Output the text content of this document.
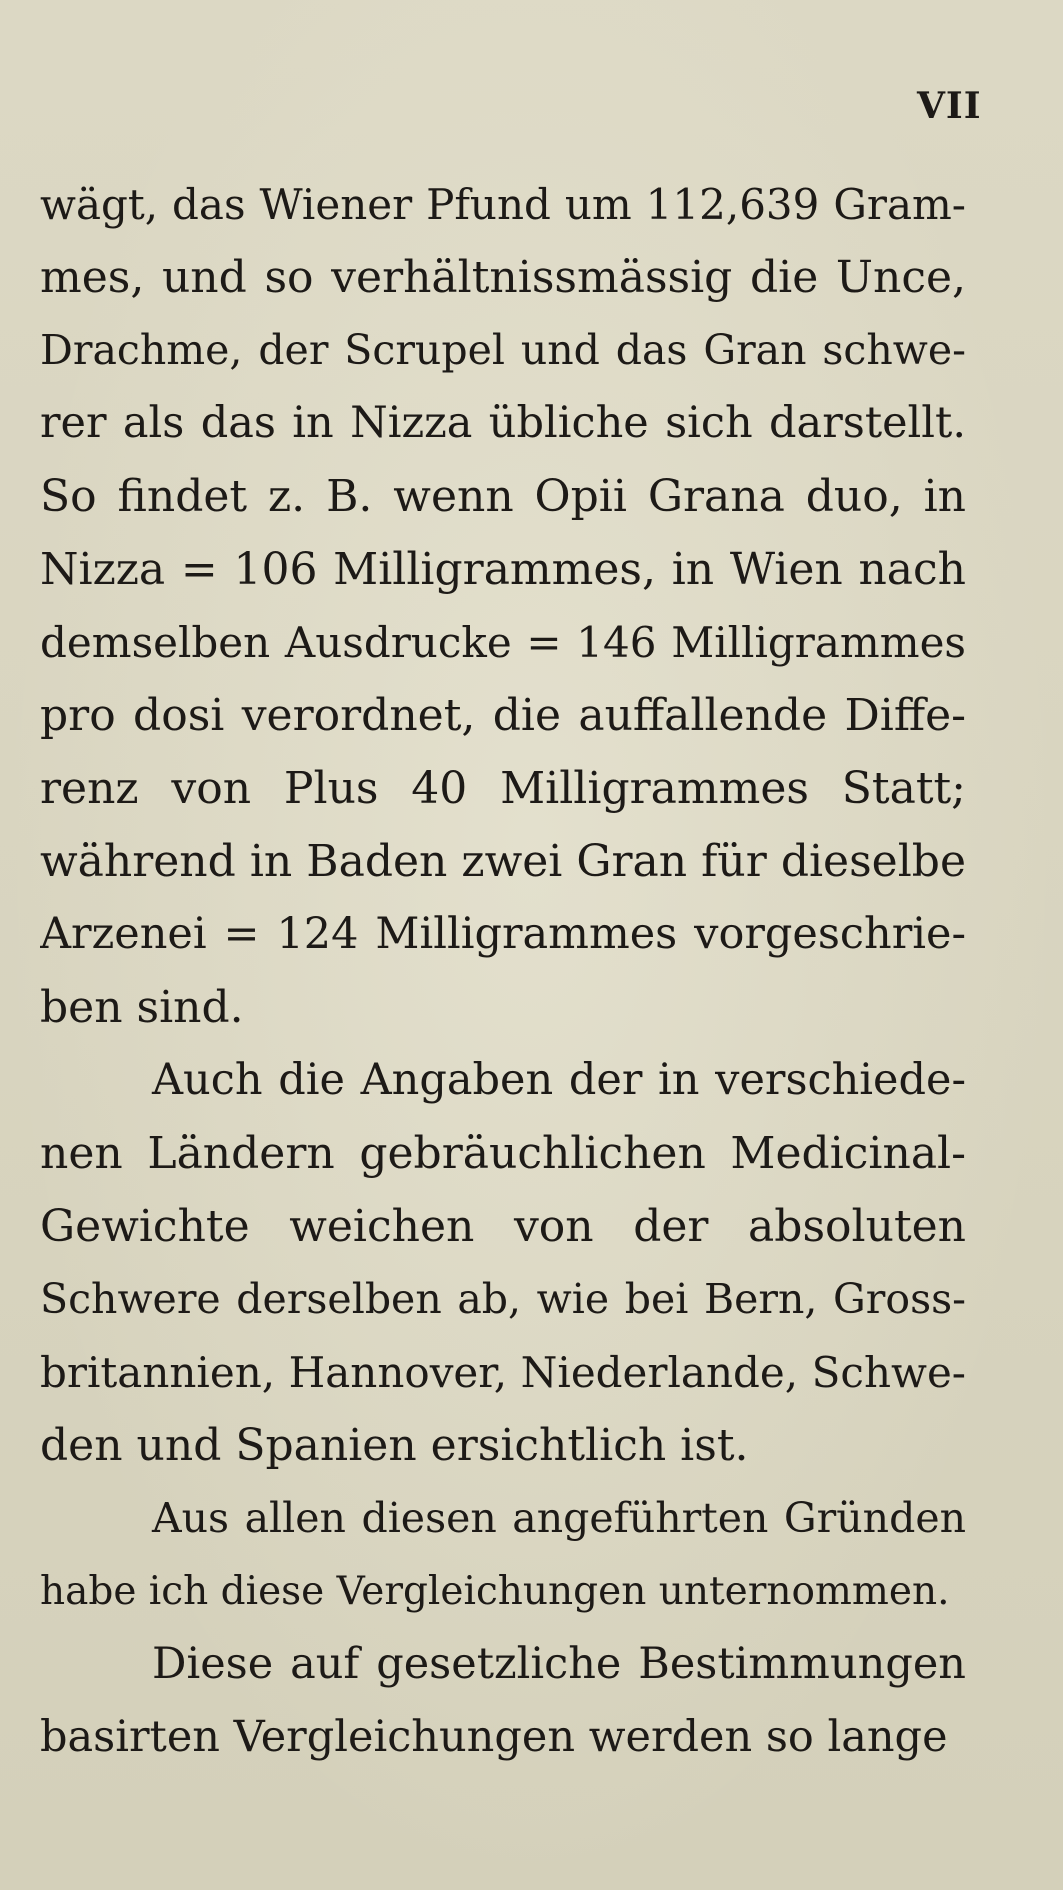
VII
wägt, das Wiener Pfund um 112,639 Gram-
mes, und so verhältnissmässig die Unce,
Drachme, der Scrupel und das Gran schwe-
rer als das in Nizza übliche sich darstellt.
So findet z. B. wenn Opii Grana duo, in
Nizza = 106 Milligrammes, in Wien nach
demselben Ausdrucke = 146 Milligrammes
pro dosi verordnet, die auffallende Diffe-
renz von Plus 40 Milligrammes Statt;
während in Baden zwei Gran für dieselbe
Arzenei = 124 Milligrammes vorgeschrie-
ben sind.
Auch die Angaben der in verschiede-
nen Ländern gebräuchlichen Medicinal-
Gewichte weichen von der absoluten
Schwere derselben ab, wie bei Bern, Gross-
britannien, Hannover, Niederlande, Schwe-
den und Spanien ersichtlich ist.
Aus allen diesen angeführten Gründen
habe ich diese Vergleichungen unternommen.
Diese auf gesetzliche Bestimmungen
basirten Vergleichungen werden so lange
